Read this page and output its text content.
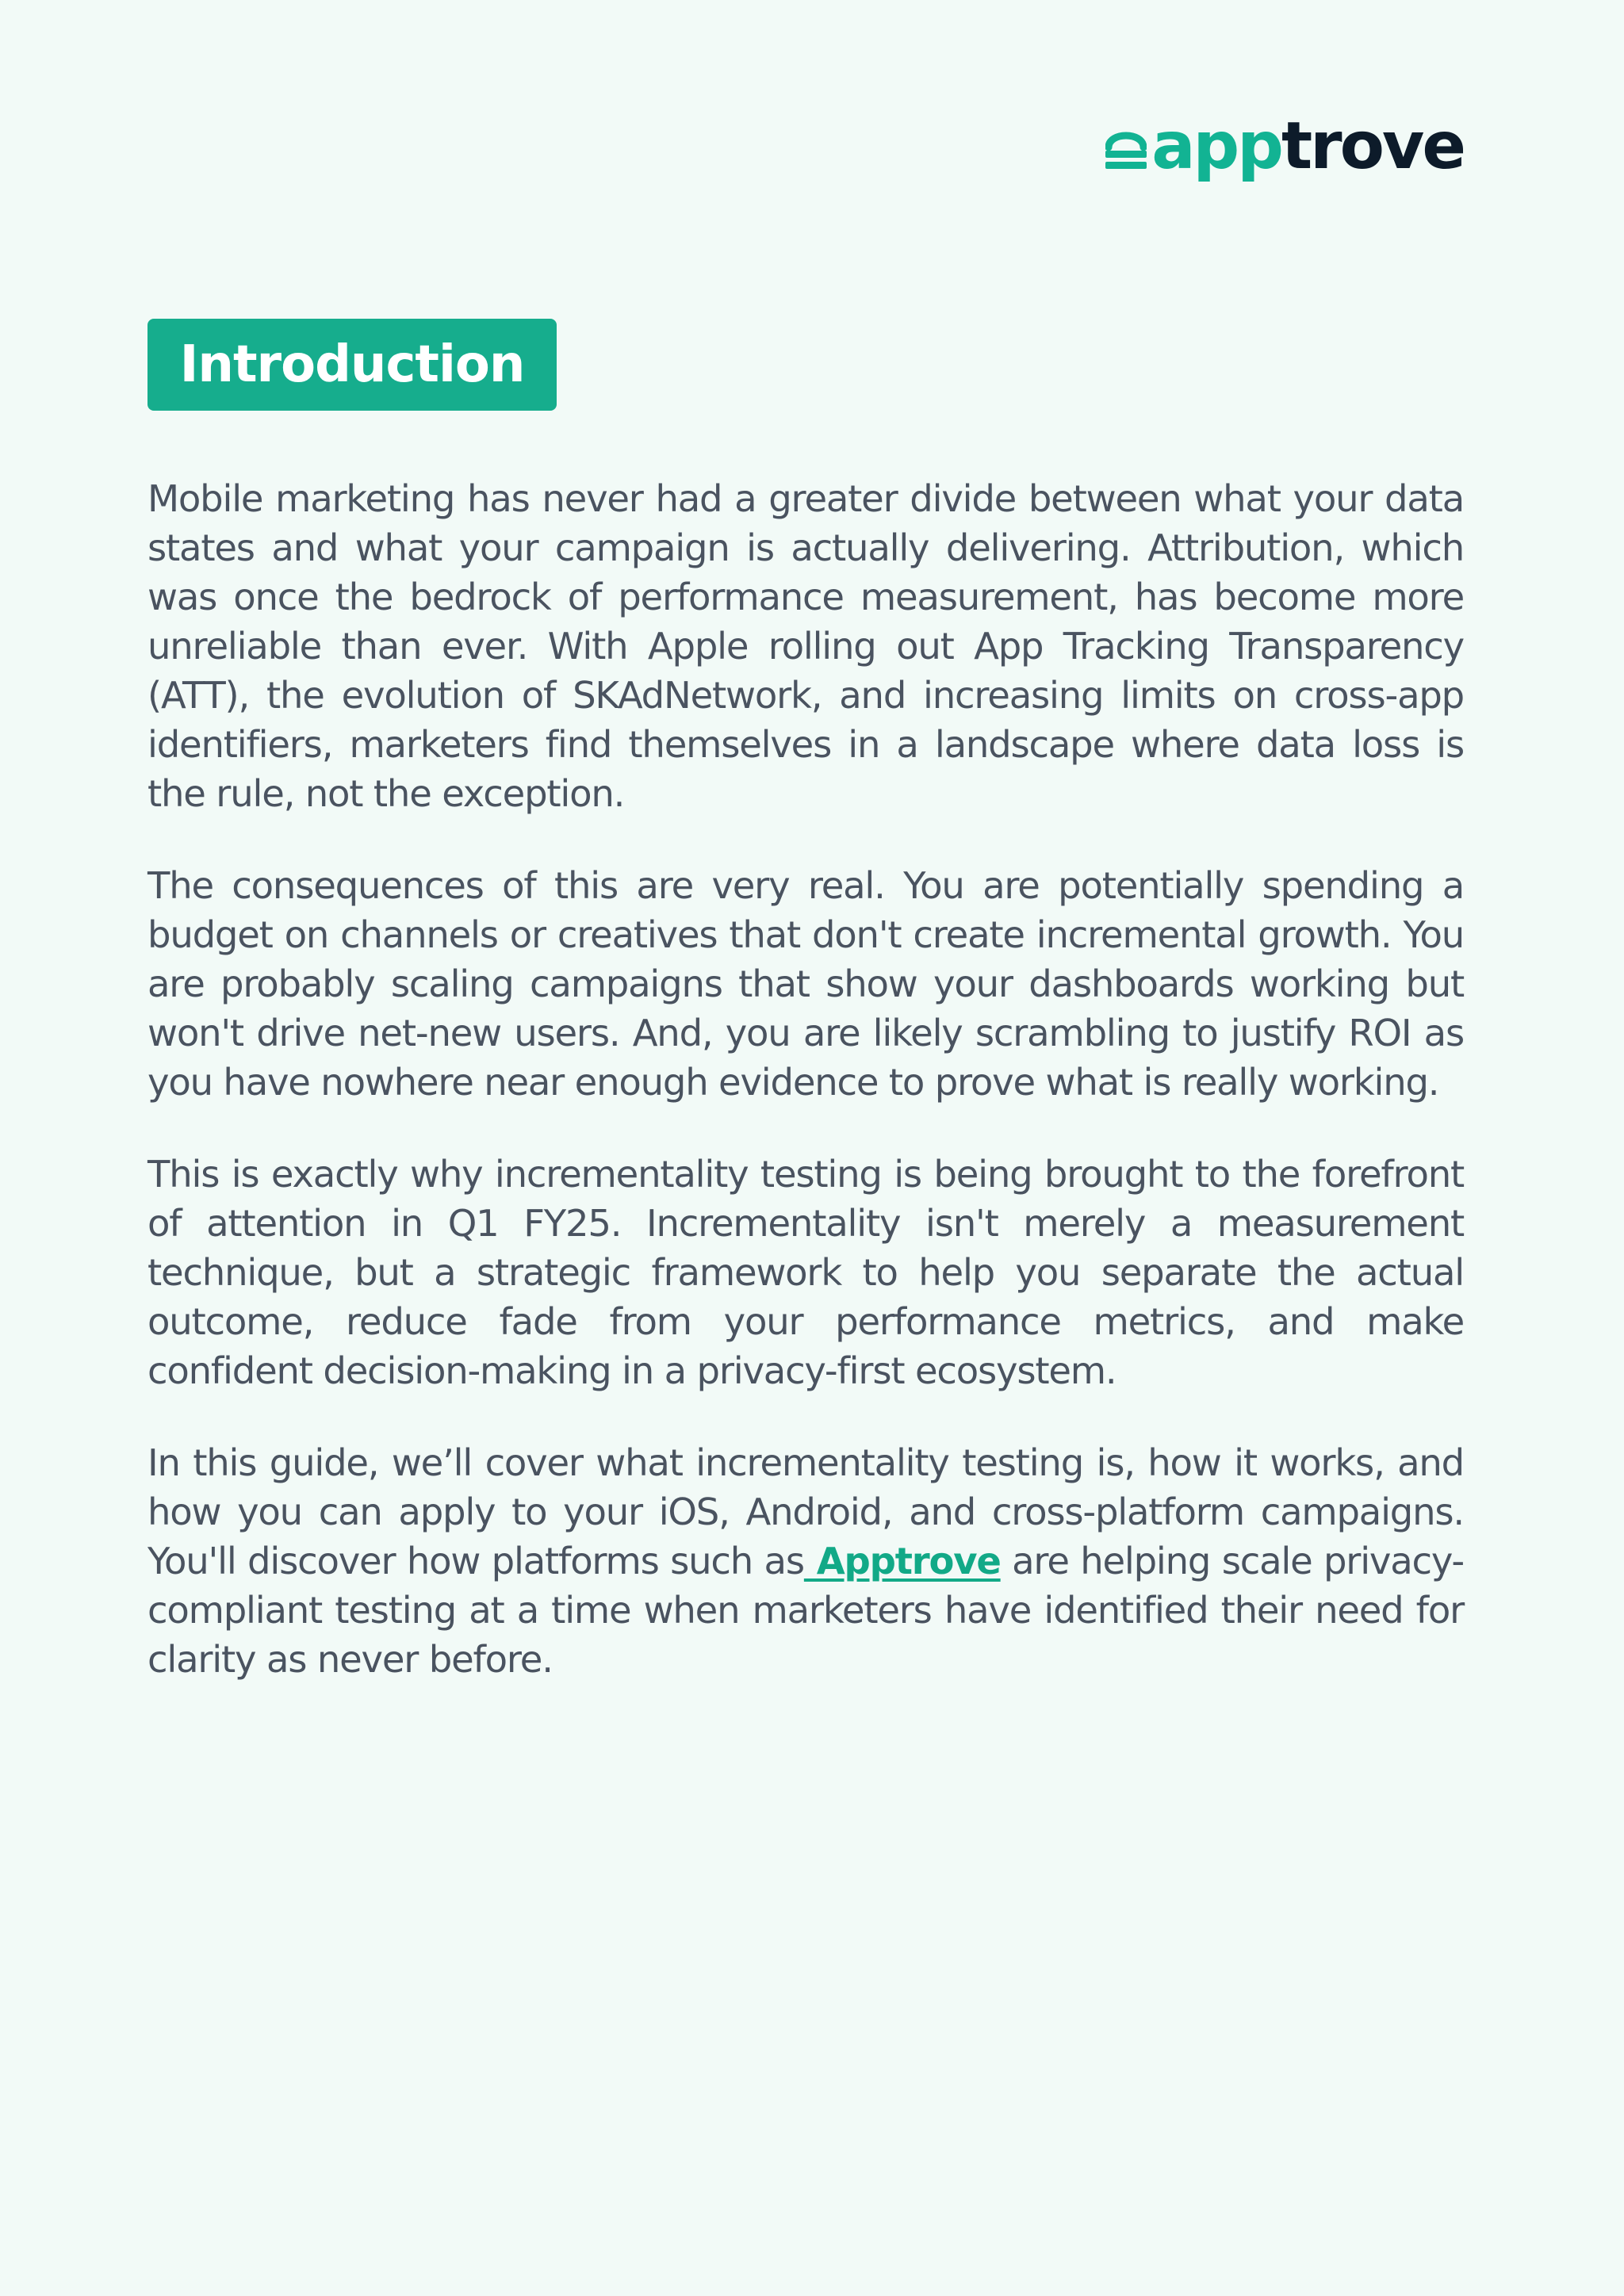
apptrove
Introduction

Mobile marketing has never had a greater divide between what your data states and what your campaign is actually delivering. Attribution, which was once the bedrock of performance measurement, has become more unreliable than ever. With Apple rolling out App Tracking Transparency (ATT), the evolution of SKAdNetwork, and increasing limits on cross-app identifiers, marketers find themselves in a landscape where data loss is the rule, not the exception.

The consequences of this are very real. You are potentially spending a budget on channels or creatives that don't create incremental growth. You are probably scaling campaigns that show your dashboards working but won't drive net-new users. And, you are likely scrambling to justify ROI as you have nowhere near enough evidence to prove what is really working.

This is exactly why incrementality testing is being brought to the forefront of attention in Q1 FY25. Incrementality isn't merely a measurement technique, but a strategic framework to help you separate the actual outcome, reduce fade from your performance metrics, and make confident decision-making in a privacy-first ecosystem.

In this guide, we’ll cover what incrementality testing is, how it works, and how you can apply to your iOS, Android, and cross-platform campaigns. You'll discover how platforms such as Apptrove are helping scale privacy-compliant testing at a time when marketers have identified their need for clarity as never before.
